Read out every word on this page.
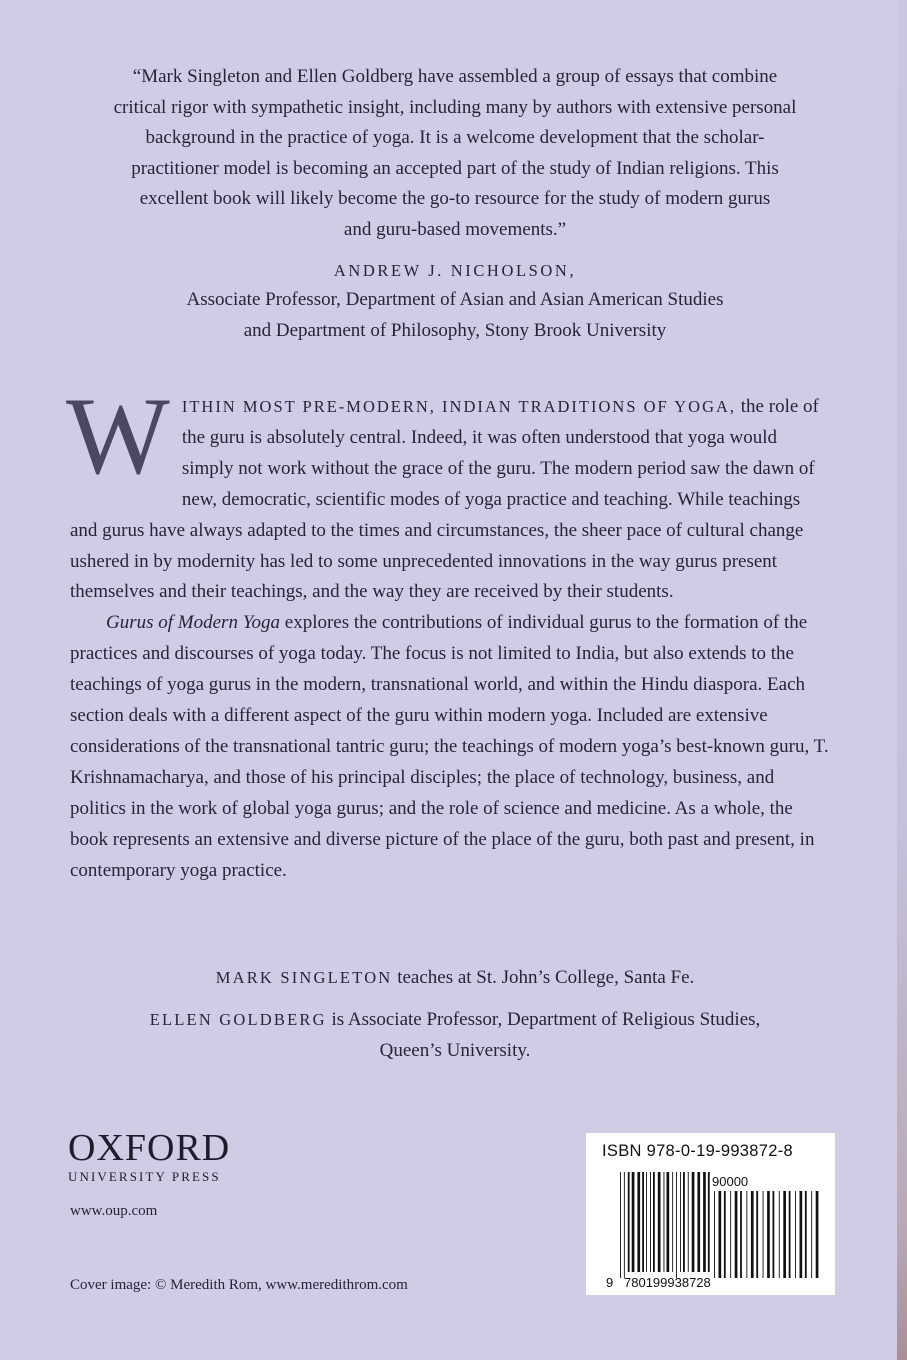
“Mark Singleton and Ellen Goldberg have assembled a group of essays that combine

critical rigor with sympathetic insight, including many by authors with extensive personal

background in the practice of yoga. It is a welcome development that the scholar-

practitioner model is becoming an accepted part of the study of Indian religions. This

excellent book will likely become the go-to resource for the study of modern gurus

and guru-based movements.”

ANDREW J. NICHOLSON,
Associate Professor, Department of Asian and Asian American Studies
and Department of Philosophy, Stony Brook University

W ITHIN MOST PRE-MODERN, INDIAN TRADITIONS OF YOGA, the role of the guru is absolutely central. Indeed, it was often understood that yoga would simply not work without the grace of the guru. The modern period saw the dawn of new, democratic, scientific modes of yoga practice and teaching. While teachings and gurus have always adapted to the times and circumstances, the sheer pace of cultural change ushered in by modernity has led to some unprecedented innovations in the way gurus present themselves and their teachings, and the way they are received by their students.

Gurus of Modern Yoga explores the contributions of individual gurus to the formation of the practices and discourses of yoga today. The focus is not limited to India, but also extends to the teachings of yoga gurus in the modern, transnational world, and within the Hindu diaspora. Each section deals with a different aspect of the guru within modern yoga. Included are extensive considerations of the transnational tantric guru; the teachings of modern yoga’s best-known guru, T. Krishnamacharya, and those of his principal disciples; the place of technology, business, and politics in the work of global yoga gurus; and the role of science and medicine. As a whole, the book represents an extensive and diverse picture of the place of the guru, both past and present, in contemporary yoga practice.

MARK SINGLETON teaches at St. John’s College, Santa Fe.
ELLEN GOLDBERG is Associate Professor, Department of Religious Studies,
Queen’s University.
OXFORD
UNIVERSITY PRESS
www.oup.com
Cover image: © Meredith Rom, www.meredithrom.com
ISBN 978-0-19-993872-8
90000
9 780199938728
